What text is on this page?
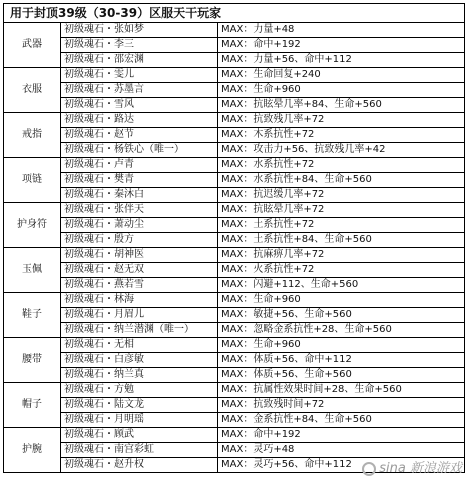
用于封顶39级（30-39）区服天干玩家
武器	初级魂石・张如梦	MAX：力量+48
	初级魂石・李三	MAX：命中+192
	初级魂石・邵宏渊	MAX：力量+56、命中+112
衣服	初级魂石・雯儿	MAX：生命回复+240
	初级魂石・苏墨言	MAX：生命+960
	初级魂石・雪风	MAX：抗眩晕几率+84、生命+560
戒指	初级魂石・路达	MAX：抗致残几率+72
	初级魂石・赵节	MAX：木系抗性+72
	初级魂石・杨铁心（唯一）	MAX：攻击力+56、抗致残几率+42
项链	初级魂石・卢青	MAX：水系抗性+72
	初级魂石・樊青	MAX：水系抗性+84、生命+560
	初级魂石・秦沐白	MAX：抗迟缓几率+72
护身符	初级魂石・张伴天	MAX：抗眩晕几率+72
	初级魂石・萧动尘	MAX：土系抗性+72
	初级魂石・殷方	MAX：土系抗性+84、生命+560
玉佩	初级魂石・胡神医	MAX：抗麻痹几率+72
	初级魂石・赵无双	MAX：火系抗性+72
	初级魂石・燕若雪	MAX：闪避+112、生命+560
鞋子	初级魂石・林海	MAX：生命+960
	初级魂石・月眉儿	MAX：敏捷+56、生命+560
	初级魂石・纳兰潜渊（唯一）	MAX：忽略金系抗性+28、生命+560
腰带	初级魂石・无相	MAX：生命+960
	初级魂石・白彦敏	MAX：体质+56、命中+112
	初级魂石・纳兰真	MAX：体质+56、生命+560
帽子	初级魂石・方勉	MAX：抗属性效果时间+28、生命+560
	初级魂石・陆文龙	MAX：抗致残时间+72
	初级魂石・月明瑶	MAX：金系抗性+84、生命+560
护腕	初级魂石・顾武	MAX：命中+192
	初级魂石・南宫彩虹	MAX：灵巧+48
	初级魂石・赵升权	MAX：灵巧+56、命中+112	sina 新浪游戏
